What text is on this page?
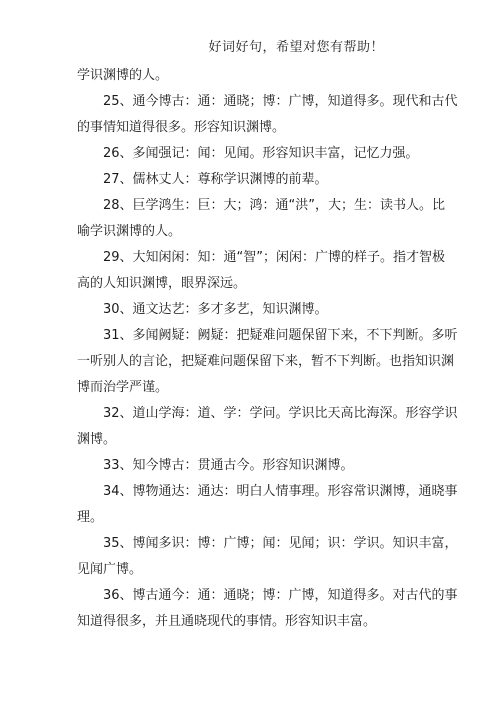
好词好句，希望对您有帮助！
学识渊博的人。
25、通今博古：通：通晓；博：广博，知道得多。现代和古代
的事情知道得很多。形容知识渊博。
26、多闻强记：闻：见闻。形容知识丰富，记忆力强。
27、儒林丈人：尊称学识渊博的前辈。
28、巨学鸿生：巨：大；鸿：通“洪”，大；生：读书人。比
喻学识渊博的人。
29、大知闲闲：知：通“智”；闲闲：广博的样子。指才智极
高的人知识渊博，眼界深远。
30、通文达艺：多才多艺，知识渊博。
31、多闻阙疑：阙疑：把疑难问题保留下来，不下判断。多听
一听别人的言论，把疑难问题保留下来，暂不下判断。也指知识渊
博而治学严谨。
32、道山学海：道、学：学问。学识比天高比海深。形容学识
渊博。
33、知今博古：贯通古今。形容知识渊博。
34、博物通达：通达：明白人情事理。形容常识渊博，通晓事
理。
35、博闻多识：博：广博；闻：见闻；识：学识。知识丰富，
见闻广博。
36、博古通今：通：通晓；博：广博，知道得多。对古代的事
知道得很多，并且通晓现代的事情。形容知识丰富。
